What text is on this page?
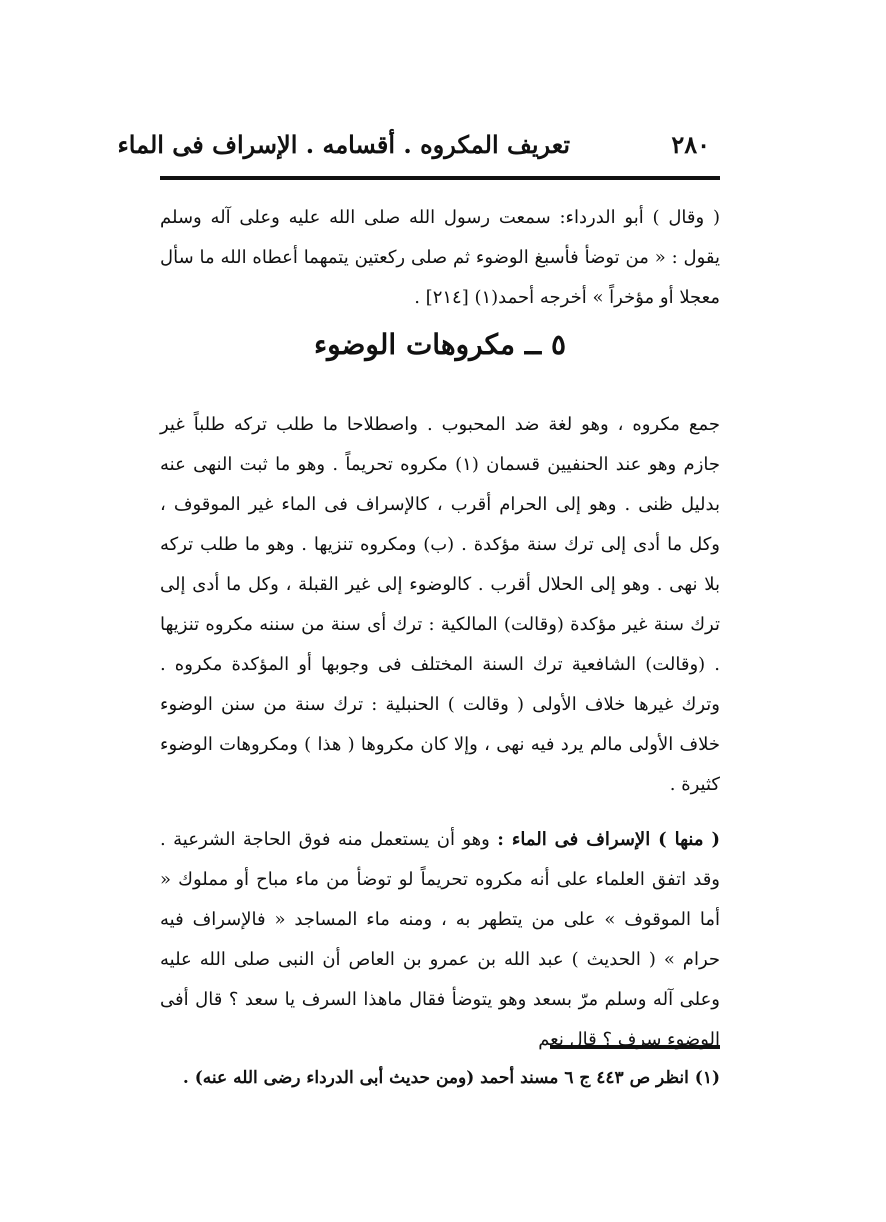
٢٨٠
تعريف المكروه . أقسامه . الإسراف فى الماء
( وقال ) أبو الدرداء: سمعت رسول الله صلى الله عليه وعلى آله وسلم يقول : « من توضأ فأسبغ الوضوء ثم صلى ركعتين يتمهما أعطاه الله ما سأل معجلا أو مؤخراً » أخرجه أحمد(١) [٢١٤] .
٥ ــ مكروهات الوضوء
جمع مكروه ، وهو لغة ضد المحبوب . واصطلاحا ما طلب تركه طلباً غير جازم وهو عند الحنفيين قسمان (١) مكروه تحريماً . وهو ما ثبت النهى عنه بدليل ظنى . وهو إلى الحرام أقرب ، كالإسراف فى الماء غير الموقوف ، وكل ما أدى إلى ترك سنة مؤكدة . (ب) ومكروه تنزيها . وهو ما طلب تركه بلا نهى . وهو إلى الحلال أقرب . كالوضوء إلى غير القبلة ، وكل ما أدى إلى ترك سنة غير مؤكدة (وقالت) المالكية : ترك أى سنة من سننه مكروه تنزيها . (وقالت) الشافعية ترك السنة المختلف فى وجوبها أو المؤكدة مكروه . وترك غيرها خلاف الأولى ( وقالت ) الحنبلية : ترك سنة من سنن الوضوء خلاف الأولى مالم يرد فيه نهى ، وإلا كان مكروها ( هذا ) ومكروهات الوضوء كثيرة .
( منها ) الإسراف فى الماء : وهو أن يستعمل منه فوق الحاجة الشرعية . وقد اتفق العلماء على أنه مكروه تحريماً لو توضأ من ماء مباح أو مملوك « أما الموقوف » على من يتطهر به ، ومنه ماء المساجد « فالإسراف فيه حرام » ( الحديث ) عبد الله بن عمرو بن العاص أن النبى صلى الله عليه وعلى آله وسلم مرّ بسعد وهو يتوضأ فقال ماهذا السرف يا سعد ؟ قال أفى الوضوء سرف ؟ قال نعم
(١) انظر ص ٤٤٣ ج ٦ مسند أحمد (ومن حديث أبى الدرداء رضى الله عنه) .
